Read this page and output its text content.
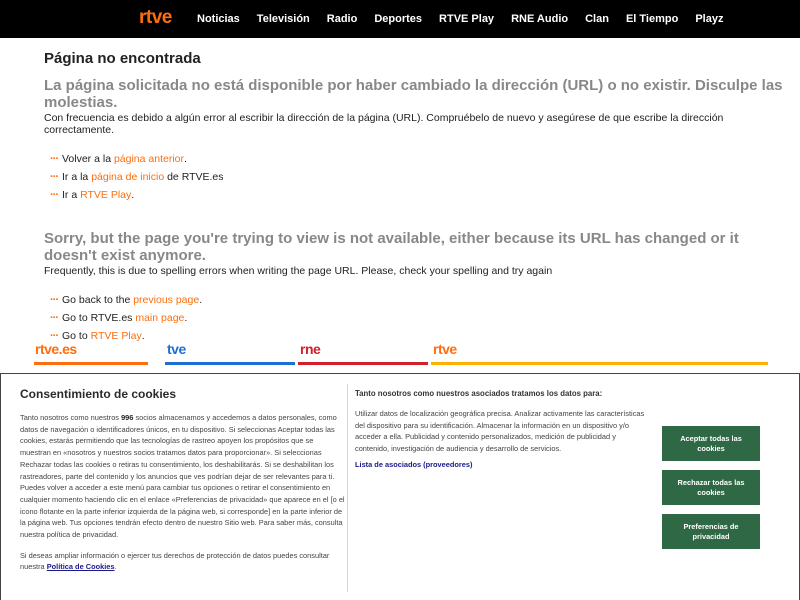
rtve Noticias Televisión Radio Deportes RTVE Play RNE Audio Clan El Tiempo Playz
Página no encontrada

La página solicitada no está disponible por haber cambiado la dirección (URL) o no existir. Disculpe las molestias.

Con frecuencia es debido a algún error al escribir la dirección de la página (URL). Compruébelo de nuevo y asegúrese de que escribe la dirección correctamente.

··· Volver a la
página anterior .
··· Ir a la
página de inicio
de RTVE.es
··· Ir a
RTVE Play .

Sorry, but the page you're trying to view is not available, either because its URL has changed or it doesn't exist anymore.

Frequently, this is due to spelling errors when writing the page URL. Please, check your spelling and try again

··· Go back to the
previous page .
··· Go to RTVE.es
main page .
··· Go to
RTVE Play .
rtve.es	tve	rne	rtve
Consentimiento de cookies

Tanto nosotros como nuestros 996 socios almacenamos y accedemos a datos personales, como datos de navegación o identificadores únicos, en tu dispositivo. Si seleccionas Aceptar todas las cookies, estarás permitiendo que las tecnologías de rastreo apoyen los propósitos que se muestran en «nosotros y nuestros socios tratamos datos para proporcionar». Si seleccionas Rechazar todas las cookies o retiras tu consentimiento, los deshabilitarás. Si se deshabilitan los rastreadores, parte del contenido y los anuncios que ves podrían dejar de ser relevantes para ti. Puedes volver a acceder a este menú para cambiar tus opciones o retirar el consentimiento en cualquier momento haciendo clic en el enlace «Preferencias de privacidad» que aparece en el [o el icono flotante en la parte inferior izquierda de la página web, si corresponde] en la parte inferior de la página web. Tus opciones tendrán efecto dentro de nuestro Sitio web. Para saber más, consulta nuestra política de privacidad.

Si deseas ampliar información o ejercer tus derechos de protección de datos puedes consultar nuestra Política de Cookies.

Tanto nosotros como nuestros asociados tratamos los datos para:

Utilizar datos de localización geográfica precisa. Analizar activamente las características del dispositivo para su identificación. Almacenar la información en un dispositivo y/o acceder a ella. Publicidad y contenido personalizados, medición de publicidad y contenido, investigación de audiencia y desarrollo de servicios.

Lista de asociados (proveedores)
Aceptar todas las cookies
Rechazar todas las cookies
Preferencias de privacidad
